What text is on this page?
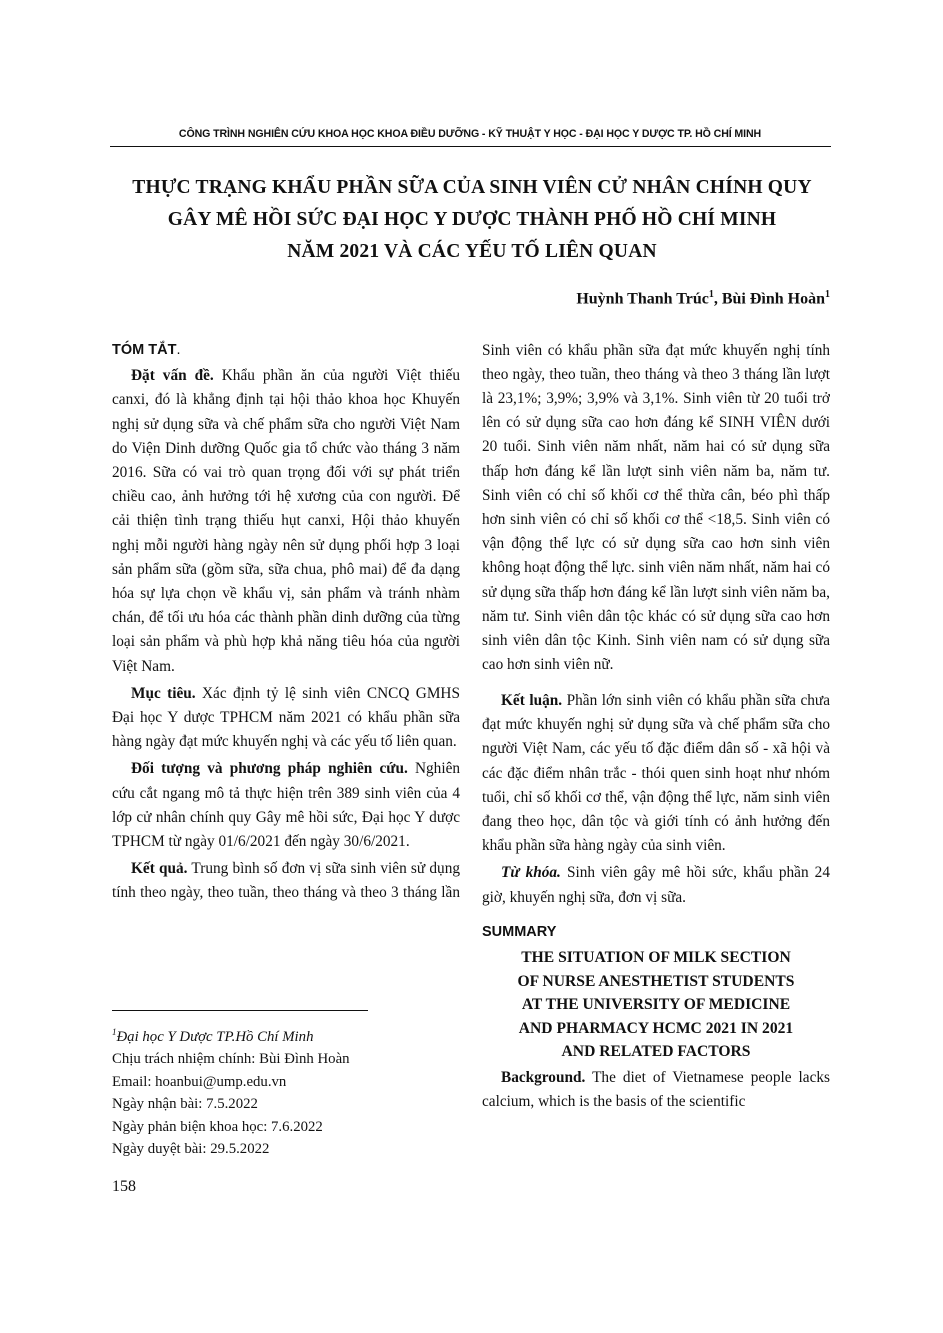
CÔNG TRÌNH NGHIÊN CỨU KHOA HỌC KHOA ĐIỀU DƯỠNG - KỸ THUẬT Y HỌC - ĐẠI HỌC Y DƯỢC TP. HỒ CHÍ MINH
THỰC TRẠNG KHẨU PHẦN SỮA CỦA SINH VIÊN CỬ NHÂN CHÍNH QUY
GÂY MÊ HỒI SỨC ĐẠI HỌC Y DƯỢC THÀNH PHỐ HỒ CHÍ MINH
NĂM 2021 VÀ CÁC YẾU TỐ LIÊN QUAN
Huỳnh Thanh Trúc$^1$, Bùi Đình Hoàn$^1$
TÓM TẮT.

Đặt vấn đề. Khẩu phần ăn của người Việt thiếu canxi, đó là khẳng định tại hội thảo khoa học Khuyến nghị sử dụng sữa và chế phẩm sữa cho người Việt Nam do Viện Dinh dưỡng Quốc gia tổ chức vào tháng 3 năm 2016. Sữa có vai trò quan trọng đối với sự phát triển chiều cao, ảnh hưởng tới hệ xương của con người. Để cải thiện tình trạng thiếu hụt canxi, Hội thảo khuyến nghị mỗi người hàng ngày nên sử dụng phối hợp 3 loại sản phẩm sữa (gồm sữa, sữa chua, phô mai) để đa dạng hóa sự lựa chọn về khẩu vị, sản phẩm và tránh nhàm chán, để tối ưu hóa các thành phần dinh dưỡng của từng loại sản phẩm và phù hợp khả năng tiêu hóa của người Việt Nam.

Mục tiêu. Xác định tỷ lệ sinh viên CNCQ GMHS Đại học Y dược TPHCM năm 2021 có khẩu phần sữa hàng ngày đạt mức khuyến nghị và các yếu tố liên quan.

Đối tượng và phương pháp nghiên cứu. Nghiên cứu cắt ngang mô tả thực hiện trên 389 sinh viên của 4 lớp cử nhân chính quy Gây mê hồi sức, Đại học Y dược TPHCM từ ngày 01/6/2021 đến ngày 30/6/2021.

Kết quả. Trung bình số đơn vị sữa sinh viên sử dụng tính theo ngày, theo tuần, theo tháng và theo 3 tháng lần

$^1$Đại học Y Dược TP.Hồ Chí Minh
Chịu trách nhiệm chính: Bùi Đình Hoàn
Email: hoanbui@ump.edu.vn
Ngày nhận bài: 7.5.2022
Ngày phản biện khoa học: 7.6.2022
Ngày duyệt bài: 29.5.2022

Sinh viên có khẩu phần sữa đạt mức khuyến nghị tính theo ngày, theo tuần, theo tháng và theo 3 tháng lần lượt là 23,1%; 3,9%; 3,9% và 3,1%. Sinh viên từ 20 tuổi trở lên có sử dụng sữa cao hơn đáng kể SINH VIÊN dưới 20 tuổi. Sinh viên năm nhất, năm hai có sử dụng sữa thấp hơn đáng kể lần lượt sinh viên năm ba, năm tư. Sinh viên có chỉ số khối cơ thể thừa cân, béo phì thấp hơn sinh viên có chỉ số khối cơ thể <18,5. Sinh viên có vận động thể lực có sử dụng sữa cao hơn sinh viên

không hoạt động thể lực. sinh viên năm nhất, năm hai có sử dụng sữa thấp hơn đáng kể lần lượt sinh viên năm ba, năm tư. Sinh viên dân tộc khác có sử dụng sữa cao hơn sinh viên dân tộc Kinh. Sinh viên nam có sử dụng sữa cao hơn sinh viên nữ.

Kết luận. Phần lớn sinh viên có khẩu phần sữa chưa đạt mức khuyến nghị sử dụng sữa và chế phẩm sữa cho người Việt Nam, các yếu tố đặc điểm dân số - xã hội và các đặc điểm nhân trắc - thói quen sinh hoạt như nhóm tuổi, chỉ số khối cơ thể, vận động thể lực, năm sinh viên đang theo học, dân tộc và giới tính có ảnh hưởng đến khẩu phần sữa hàng ngày của sinh viên.

Từ khóa. Sinh viên gây mê hồi sức, khẩu phần 24 giờ, khuyến nghị sữa, đơn vị sữa.

SUMMARY
THE SITUATION OF MILK SECTION
OF NURSE ANESTHETIST STUDENTS
AT THE UNIVERSITY OF MEDICINE
AND PHARMACY HCMC 2021 IN 2021
AND RELATED FACTORS

Background. The diet of Vietnamese people lacks calcium, which is the basis of the scientific

158
